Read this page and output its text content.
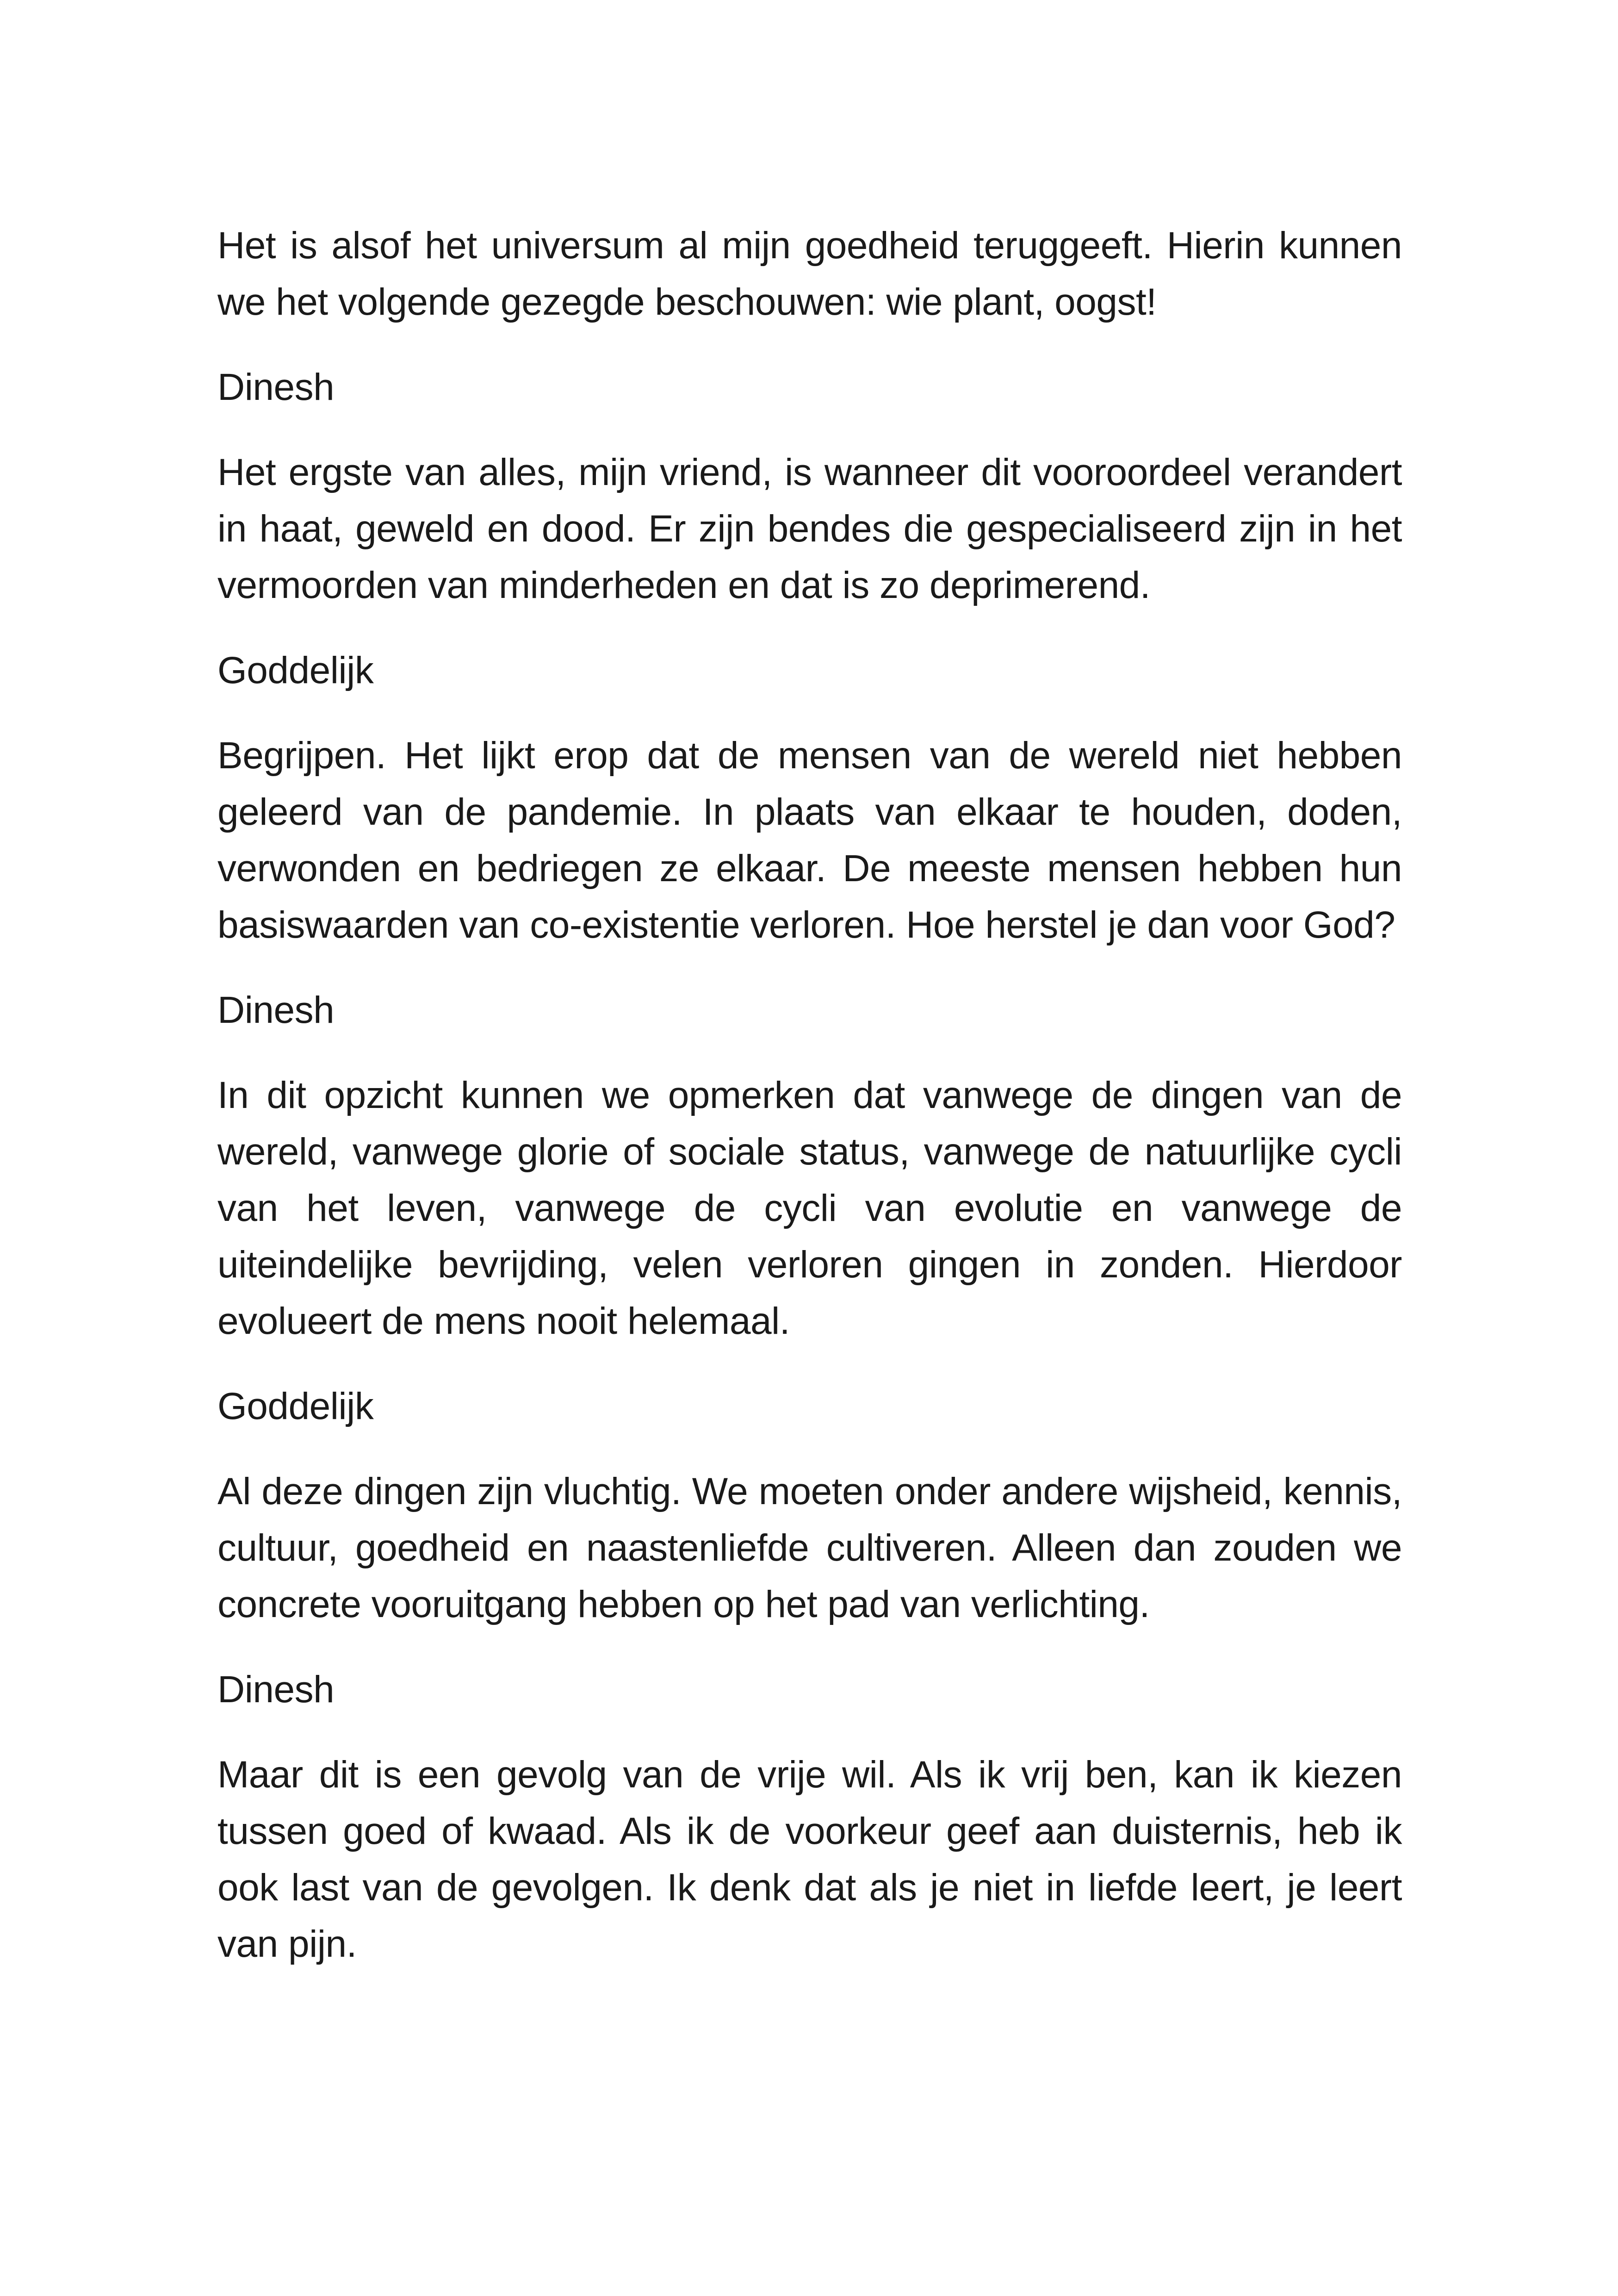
Het is alsof het universum al mijn goedheid teruggeeft. Hierin kunnen we het volgende gezegde beschouwen: wie plant, oogst!

Dinesh

Het ergste van alles, mijn vriend, is wanneer dit vooroordeel verandert in haat, geweld en dood. Er zijn bendes die gespecialiseerd zijn in het vermoorden van minderheden en dat is zo deprimerend.

Goddelijk

Begrijpen. Het lijkt erop dat de mensen van de wereld niet hebben geleerd van de pandemie. In plaats van elkaar te houden, doden, verwonden en bedriegen ze elkaar. De meeste mensen hebben hun basiswaarden van co-existentie verloren. Hoe herstel je dan voor God?

Dinesh

In dit opzicht kunnen we opmerken dat vanwege de dingen van de wereld, vanwege glorie of sociale status, vanwege de natuurlijke cycli van het leven, vanwege de cycli van evolutie en vanwege de uiteindelijke bevrijding, velen verloren gingen in zonden. Hierdoor evolueert de mens nooit helemaal.

Goddelijk

Al deze dingen zijn vluchtig. We moeten onder andere wijsheid, kennis, cultuur, goedheid en naastenliefde cultiveren. Alleen dan zouden we concrete vooruitgang hebben op het pad van verlichting.

Dinesh

Maar dit is een gevolg van de vrije wil. Als ik vrij ben, kan ik kiezen tussen goed of kwaad. Als ik de voorkeur geef aan duisternis, heb ik ook last van de gevolgen. Ik denk dat als je niet in liefde leert, je leert van pijn.
